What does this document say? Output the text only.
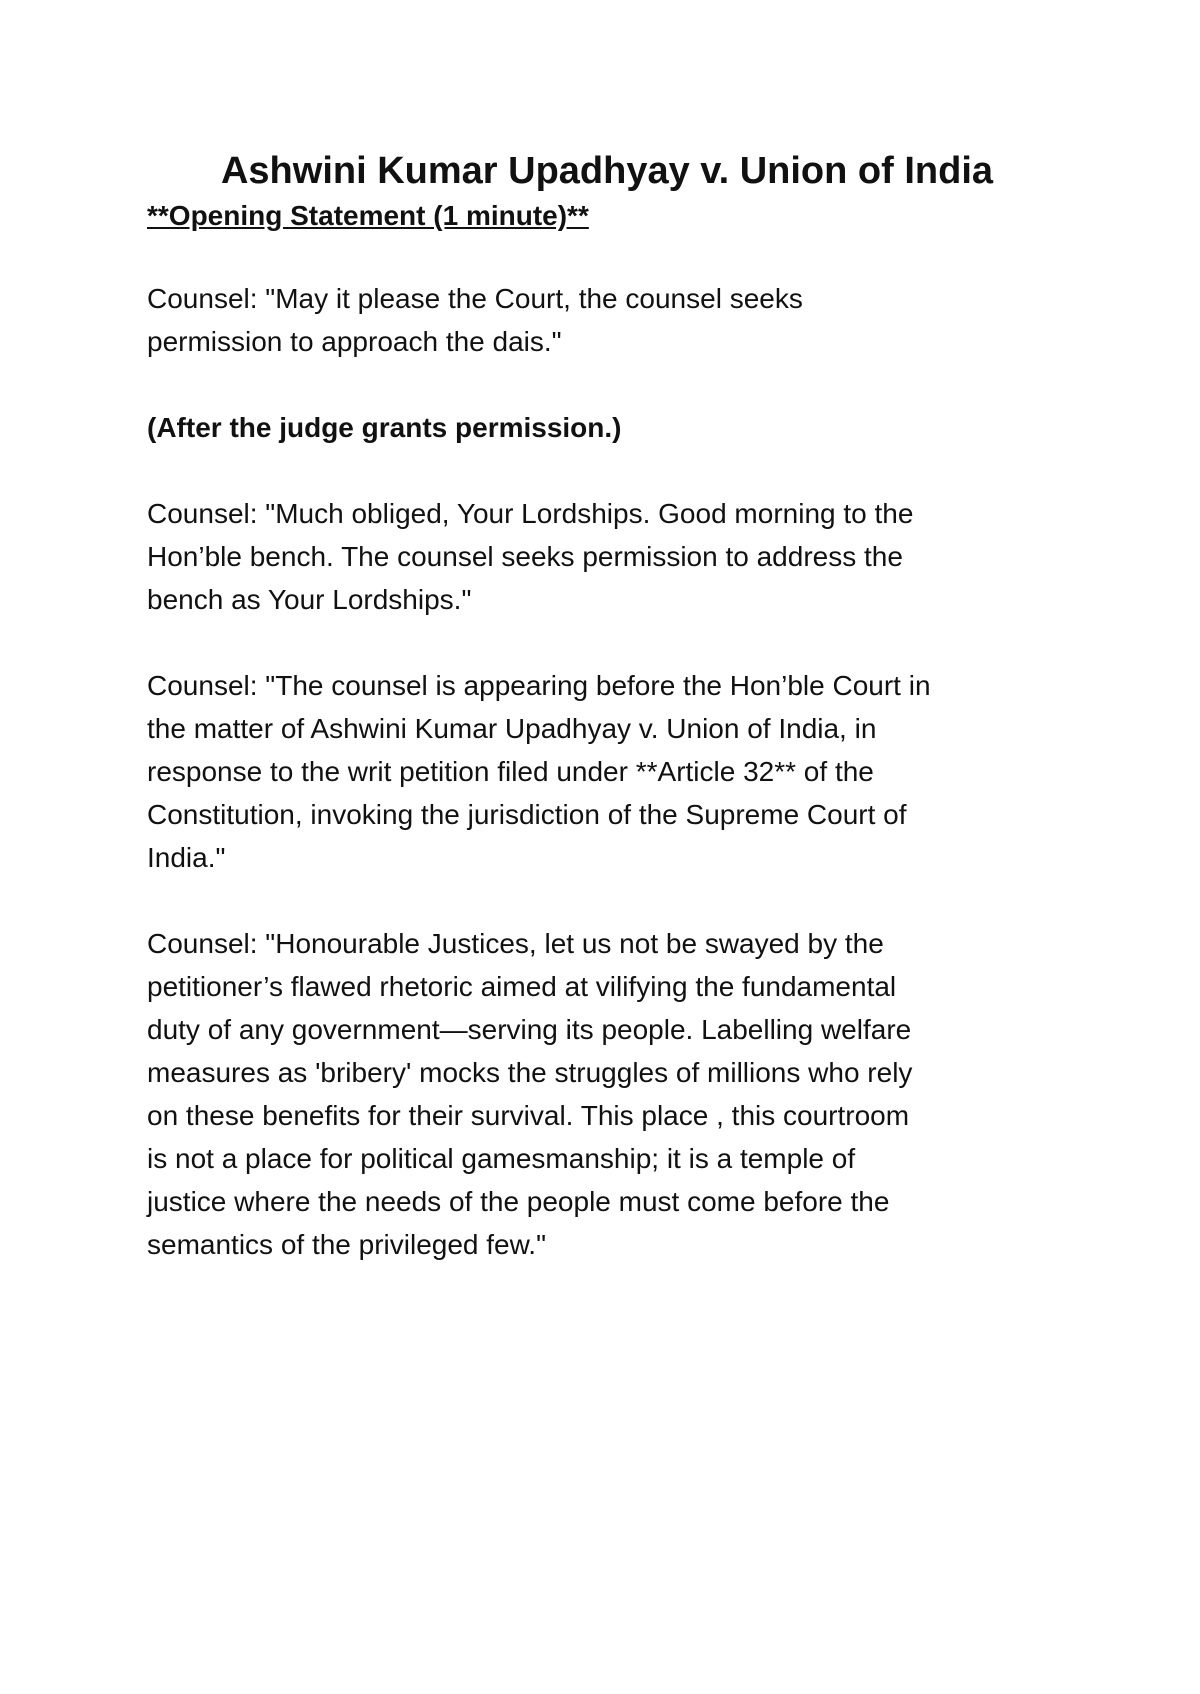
Ashwini Kumar Upadhyay v. Union of India

**Opening Statement (1 minute)**

Counsel: "May it please the Court, the counsel seeks
permission to approach the dais."
(After the judge grants permission.)
Counsel: "Much obliged, Your Lordships. Good morning to the
Hon’ble bench. The counsel seeks permission to address the
bench as Your Lordships."
Counsel: "The counsel is appearing before the Hon’ble Court in
the matter of Ashwini Kumar Upadhyay v. Union of India, in
response to the writ petition filed under **Article 32** of the
Constitution, invoking the jurisdiction of the Supreme Court of
India."
Counsel: "Honourable Justices, let us not be swayed by the
petitioner’s flawed rhetoric aimed at vilifying the fundamental
duty of any government—serving its people. Labelling welfare
measures as 'bribery' mocks the struggles of millions who rely
on these benefits for their survival. This place , this courtroom
is not a place for political gamesmanship; it is a temple of
justice where the needs of the people must come before the
semantics of the privileged few."
